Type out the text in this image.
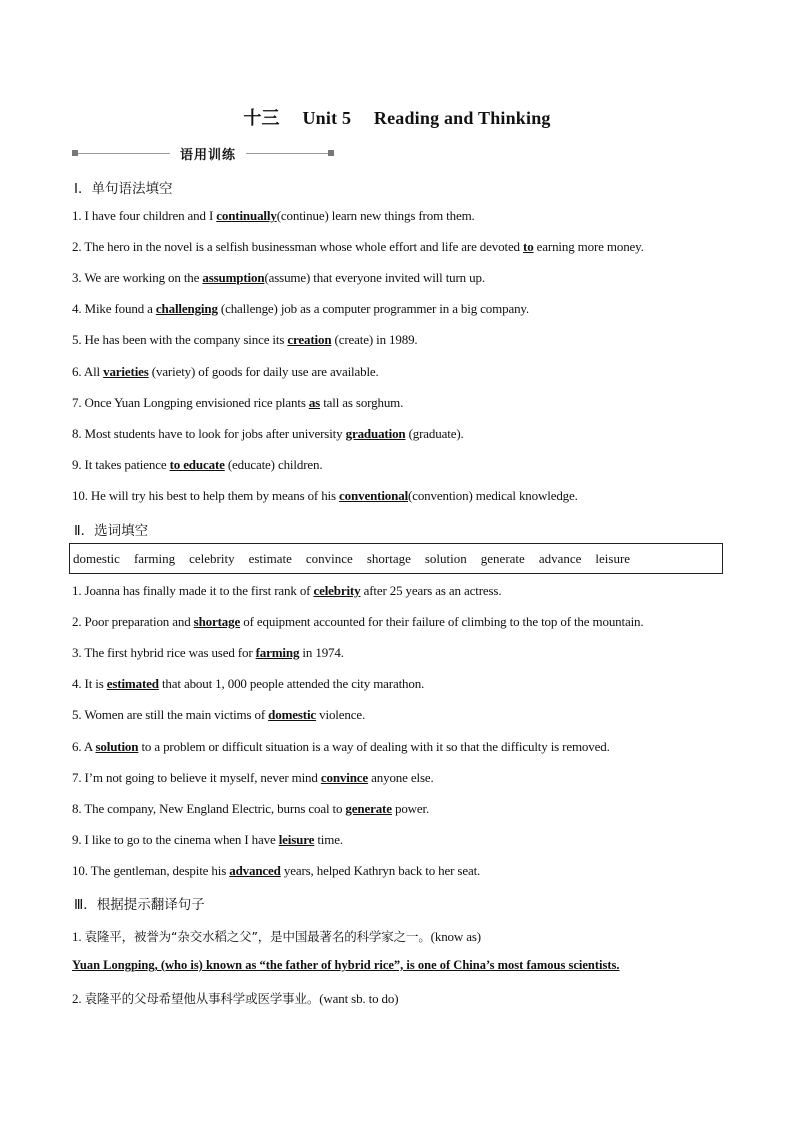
十三 Unit 5 Reading and Thinking
语用训练
Ⅰ．单句语法填空
1. I have four children and I continually(continue) learn new things from them.
2. The hero in the novel is a selfish businessman whose whole effort and life are devoted to earning more money.
3. We are working on the assumption(assume) that everyone invited will turn up.
4. Mike found a challenging (challenge) job as a computer programmer in a big company.
5. He has been with the company since its creation (create) in 1989.
6. All varieties (variety) of goods for daily use are available.
7. Once Yuan Longping envisioned rice plants as tall as sorghum.
8. Most students have to look for jobs after university graduation (graduate).
9. It takes patience to educate (educate) children.
10. He will try his best to help them by means of his conventional(convention) medical knowledge.
Ⅱ．选词填空
domestic farming celebrity estimate convince shortage solution generate advance leisure
1. Joanna has finally made it to the first rank of celebrity after 25 years as an actress.
2. Poor preparation and shortage of equipment accounted for their failure of climbing to the top of the mountain.
3. The first hybrid rice was used for farming in 1974.
4. It is estimated that about 1, 000 people attended the city marathon.
5. Women are still the main victims of domestic violence.
6. A solution to a problem or difficult situation is a way of dealing with it so that the difficulty is removed.
7. I’m not going to believe it myself, never mind convince anyone else.
8. The company, New England Electric, burns coal to generate power.
9. I like to go to the cinema when I have leisure time.
10. The gentleman, despite his advanced years, helped Kathryn back to her seat.
Ⅲ．根据提示翻译句子
1. 袁隆平，被誉为“杂交水稻之父”，是中国最著名的科学家之一。(know as)
Yuan Longping, (who is) known as “the father of hybrid rice”, is one of China’s most famous scientists.
2. 袁隆平的父母希望他从事科学或医学事业。(want sb. to do)
